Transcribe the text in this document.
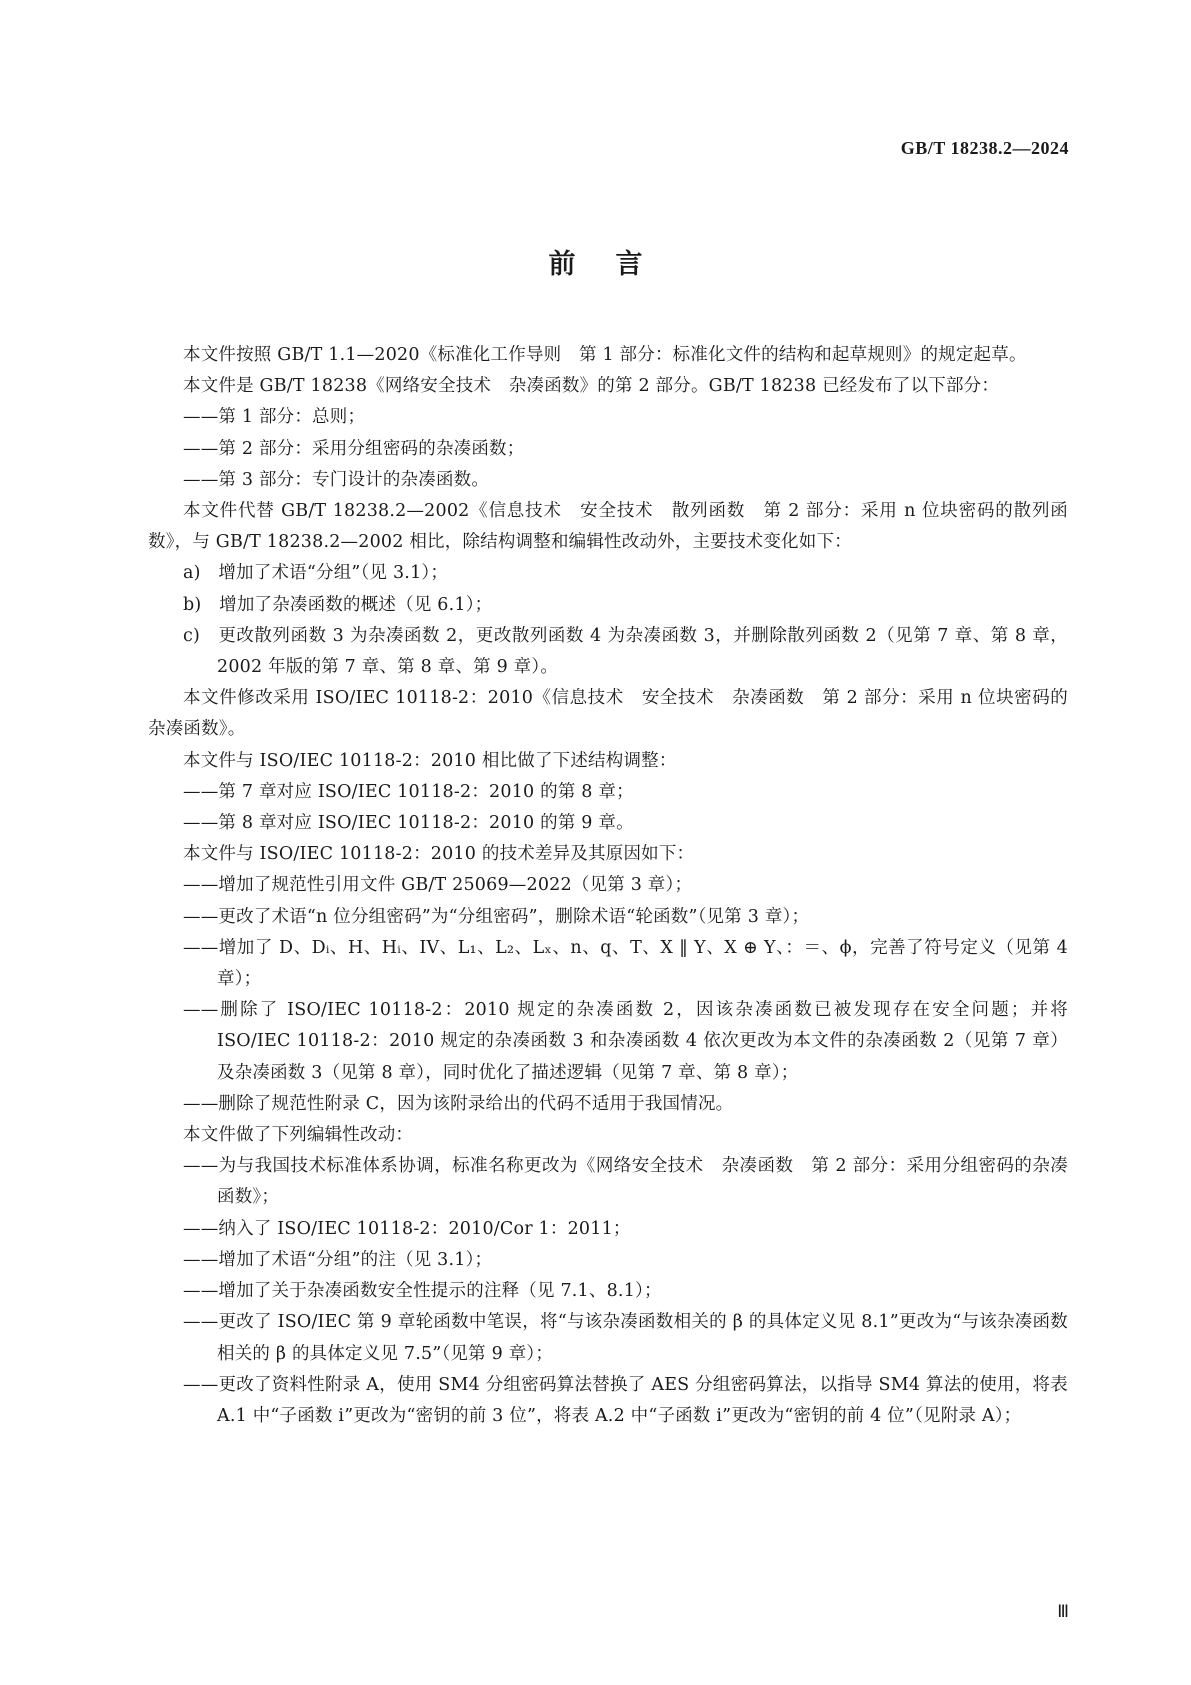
GB/T 18238.2—2024
前言

本文件按照 GB/T 1.1—2020《标准化工作导则　第 1 部分：标准化文件的结构和起草规则》的规定起草。

本文件是 GB/T 18238《网络安全技术　杂凑函数》的第 2 部分。GB/T 18238 已经发布了以下部分：

——第 1 部分：总则；

——第 2 部分：采用分组密码的杂凑函数；

——第 3 部分：专门设计的杂凑函数。

本文件代替 GB/T 18238.2—2002《信息技术　安全技术　散列函数　第 2 部分：采用 n 位块密码的散列函数》，与 GB/T 18238.2—2002 相比，除结构调整和编辑性改动外，主要技术变化如下：

a)　增加了术语“分组”（见 3.1）；

b)　增加了杂凑函数的概述（见 6.1）；

c)　更改散列函数 3 为杂凑函数 2，更改散列函数 4 为杂凑函数 3，并删除散列函数 2（见第 7 章、第 8 章，2002 年版的第 7 章、第 8 章、第 9 章）。

本文件修改采用 ISO/IEC 10118-2：2010《信息技术　安全技术　杂凑函数　第 2 部分：采用 n 位块密码的杂凑函数》。

本文件与 ISO/IEC 10118-2：2010 相比做了下述结构调整：

——第 7 章对应 ISO/IEC 10118-2：2010 的第 8 章；

——第 8 章对应 ISO/IEC 10118-2：2010 的第 9 章。

本文件与 ISO/IEC 10118-2：2010 的技术差异及其原因如下：

——增加了规范性引用文件 GB/T 25069—2022（见第 3 章）；

——更改了术语“n 位分组密码”为“分组密码”，删除术语“轮函数”（见第 3 章）；

——增加了 D、Dᵢ、H、Hᵢ、IV、L₁、L₂、Lₓ、n、q、T、X ‖ Y、X ⊕ Y、：＝、ϕ，完善了符号定义（见第 4 章）；

——删除了 ISO/IEC 10118-2：2010 规定的杂凑函数 2，因该杂凑函数已被发现存在安全问题；并将 ISO/IEC 10118-2：2010 规定的杂凑函数 3 和杂凑函数 4 依次更改为本文件的杂凑函数 2（见第 7 章）及杂凑函数 3（见第 8 章），同时优化了描述逻辑（见第 7 章、第 8 章）；

——删除了规范性附录 C，因为该附录给出的代码不适用于我国情况。

本文件做了下列编辑性改动：

——为与我国技术标准体系协调，标准名称更改为《网络安全技术　杂凑函数　第 2 部分：采用分组密码的杂凑函数》；

——纳入了 ISO/IEC 10118-2：2010/Cor 1：2011；

——增加了术语“分组”的注（见 3.1）；

——增加了关于杂凑函数安全性提示的注释（见 7.1、8.1）；

——更改了 ISO/IEC 第 9 章轮函数中笔误，将“与该杂凑函数相关的 β 的具体定义见 8.1”更改为“与该杂凑函数相关的 β 的具体定义见 7.5”（见第 9 章）；

——更改了资料性附录 A，使用 SM4 分组密码算法替换了 AES 分组密码算法，以指导 SM4 算法的使用，将表 A.1 中“子函数 i”更改为“密钥的前 3 位”，将表 A.2 中“子函数 i”更改为“密钥的前 4 位”（见附录 A）；

Ⅲ
